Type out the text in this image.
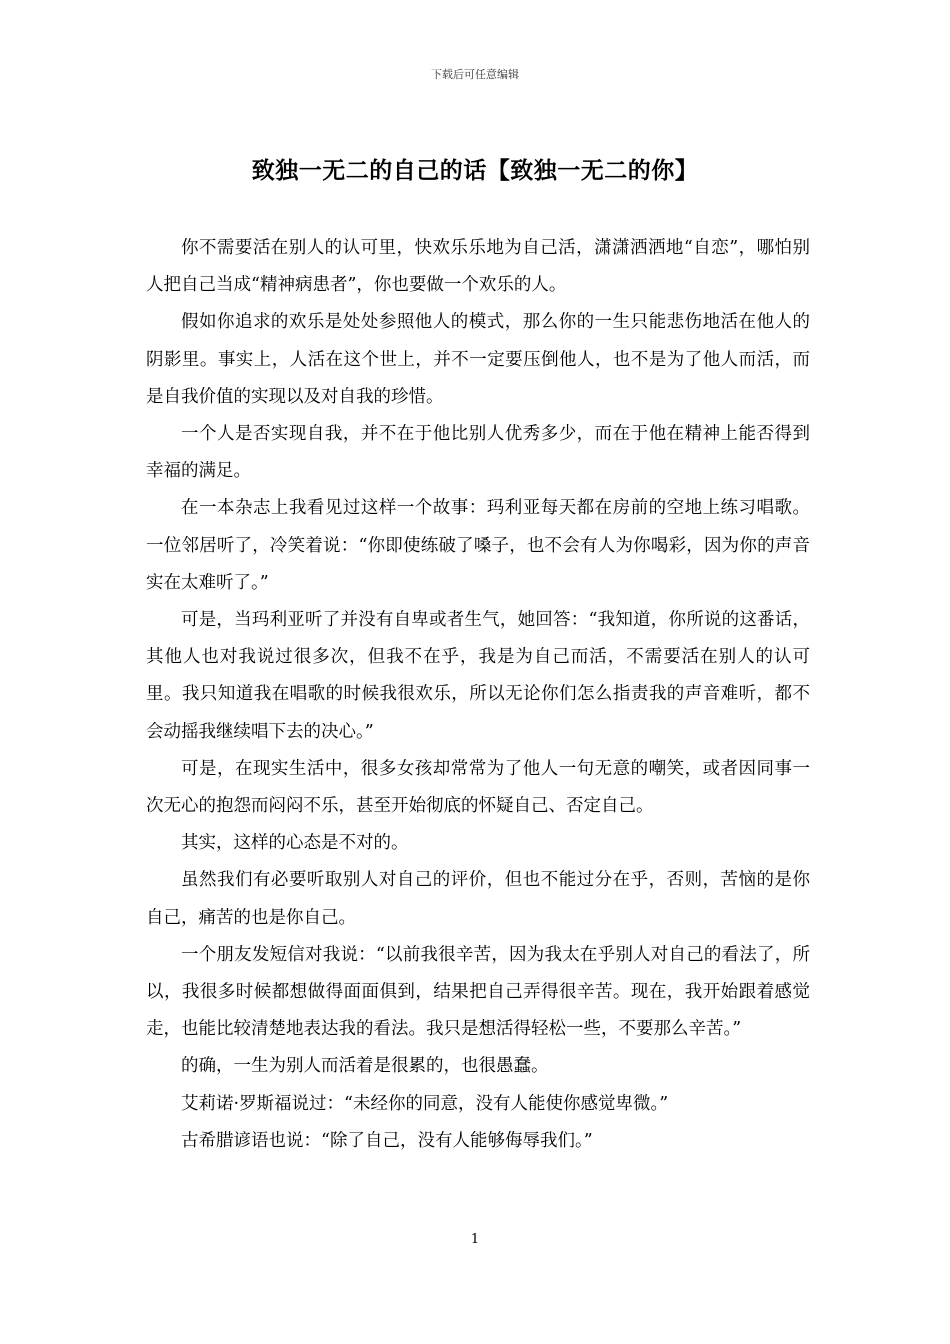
下载后可任意编辑
致独一无二的自己的话【致独一无二的你】

你不需要活在别人的认可里，快欢乐乐地为自己活，潇潇洒洒地“自恋”，哪怕别人把自己当成“精神病患者”，你也要做一个欢乐的人。

假如你追求的欢乐是处处参照他人的模式，那么你的一生只能悲伤地活在他人的阴影里。事实上，人活在这个世上，并不一定要压倒他人，也不是为了他人而活，而是自我价值的实现以及对自我的珍惜。

一个人是否实现自我，并不在于他比别人优秀多少，而在于他在精神上能否得到幸福的满足。

在一本杂志上我看见过这样一个故事：玛利亚每天都在房前的空地上练习唱歌。一位邻居听了，冷笑着说：“你即使练破了嗓子，也不会有人为你喝彩，因为你的声音实在太难听了。”

可是，当玛利亚听了并没有自卑或者生气，她回答：“我知道，你所说的这番话，其他人也对我说过很多次，但我不在乎，我是为自己而活，不需要活在别人的认可里。我只知道我在唱歌的时候我很欢乐，所以无论你们怎么指责我的声音难听，都不会动摇我继续唱下去的决心。”

可是，在现实生活中，很多女孩却常常为了他人一句无意的嘲笑，或者因同事一次无心的抱怨而闷闷不乐，甚至开始彻底的怀疑自己、否定自己。

其实，这样的心态是不对的。

虽然我们有必要听取别人对自己的评价，但也不能过分在乎，否则，苦恼的是你自己，痛苦的也是你自己。

一个朋友发短信对我说：“以前我很辛苦，因为我太在乎别人对自己的看法了，所以，我很多时候都想做得面面俱到，结果把自己弄得很辛苦。现在，我开始跟着感觉走，也能比较清楚地表达我的看法。我只是想活得轻松一些，不要那么辛苦。”

的确，一生为别人而活着是很累的，也很愚蠢。

艾莉诺·罗斯福说过：“未经你的同意，没有人能使你感觉卑微。”

古希腊谚语也说：“除了自己，没有人能够侮辱我们。”

1
